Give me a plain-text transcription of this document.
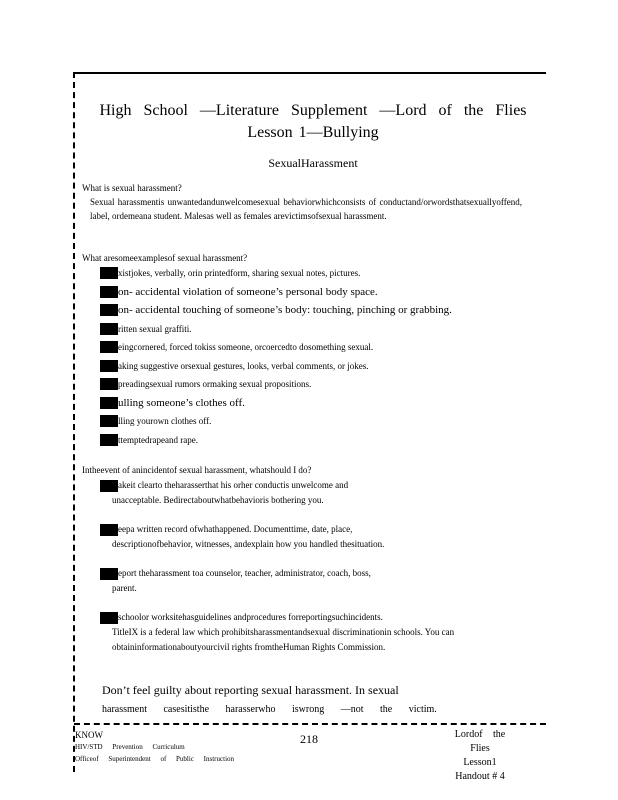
High School —Literature Supplement —Lord of the Flies
Lesson 1—Bullying

SexualHarassment

What is sexual harassment?

Sexual harassmentis unwantedandunwelcomesexual behaviorwhichconsists of conductand/orwordsthatsexuallyoffend, label, ordemeana student. Malesas well as females arevictimsofsexual harassment.

What aresomeexamplesof sexual harassment?

xistjokes, verbally, orin printedform, sharing sexual notes, pictures.
on- accidental violation of someone’s personal body space.
on- accidental touching of someone’s body: touching, pinching or grabbing.
ritten sexual graffiti.
eingcornered, forced tokiss someone, orcoercedto dosomething sexual.
aking suggestive orsexual gestures, looks, verbal comments, or jokes.
preadingsexual rumors ormaking sexual propositions.
ulling someone’s clothes off.
lling yourown clothes off.
ttemptedrapeand rape.

Intheevent of anincidentof sexual harassment, whatshould I do?

akeit clearto theharasserthat his orher conductis unwelcome and

unacceptable. Bedirectaboutwhatbehavioris bothering you.

eepa written record ofwhathappened. Documenttime, date, place,

descriptionofbehavior, witnesses, andexplain how you handled thesituation.

eport theharassment toa counselor, teacher, administrator, coach, boss,

parent.

schoolor worksitehasguidelines andprocedures forreportingsuchincidents.

TitleIX is a federal law which prohibitsharassmentandsexual discriminationin schools. You can obtaininformationaboutyourcivil rights fromtheHuman Rights Commission.

Don’t feel guilty about reporting sexual harassment. In sexual
harassment casesitisthe harasserwho iswrong —not the victim.

KNOW
HIV/STD Prevention Curriculum
Officeof Superintendent of Public Instruction
218	Lordof the Flies
Lesson1
Handout # 4
